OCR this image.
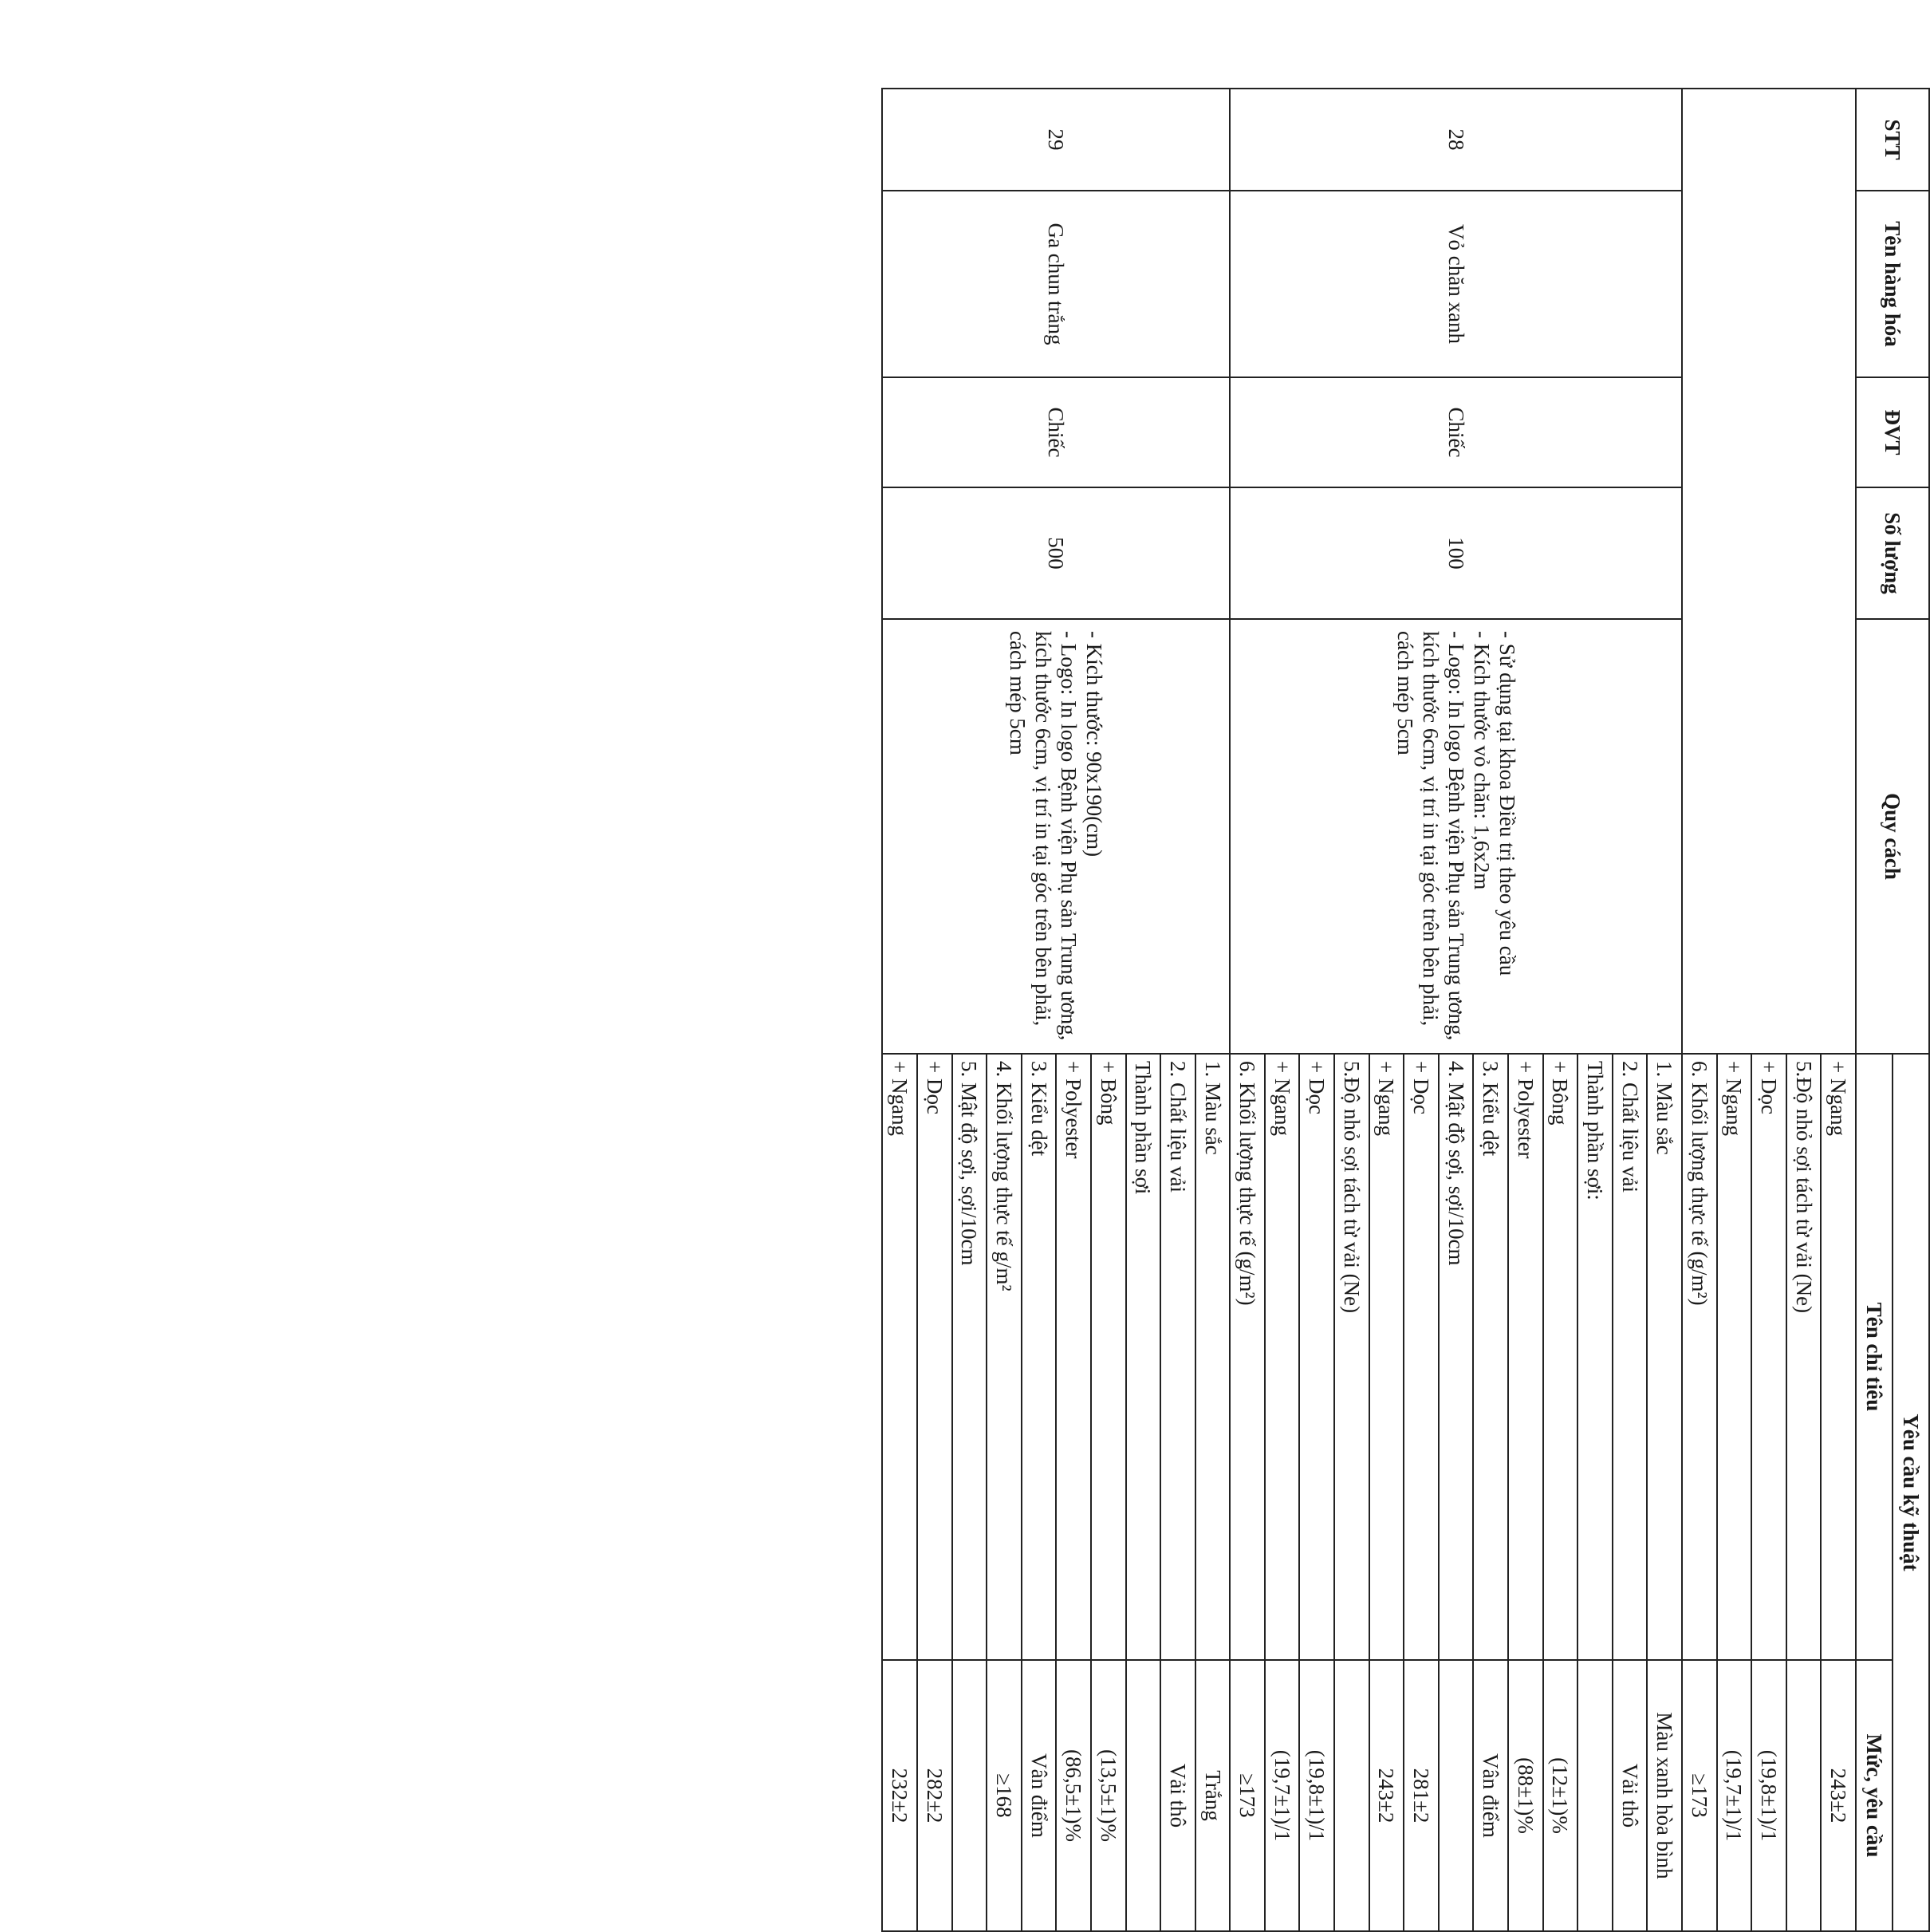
STT	Tên hàng hóa	ĐVT	Số lượng	Quy cách	Yêu cầu kỹ thuật	
					Tên chỉ tiêu	Mức, yêu cầu
					+ Ngang	243±2
					5.Độ nhỏ sợi tách từ vải (Ne)	
					+ Dọc	(19,8±1)/1
					+ Ngang	(19,7±1)/1
					6. Khối lượng thực tế (g/m²)	≥173
28	Vỏ chăn xanh	Chiếc	100	- Sử dụng tại khoa Điều trị theo yêu cầu
- Kích thước vỏ chăn: 1,6x2m
- Logo: In logo Bệnh viện Phụ sản Trung ương, kích thước 6cm, vị trí in tại góc trên bên phải, cách mép 5cm	1. Màu sắc	Màu xanh hòa bình
					2. Chất liệu vải	Vải thô
					Thành phần sợi:	
					+ Bông	(12±1)%
					+ Polyester	(88±1)%
					3. Kiểu dệt	Vân điểm
					4. Mật độ sợi, sợi/10cm	
					+ Dọc	281±2
					+ Ngang	243±2
					5.Độ nhỏ sợi tách từ vải (Ne)	
					+ Dọc	(19,8±1)/1
					+ Ngang	(19,7±1)/1
					6. Khối lượng thực tế (g/m²)	≥173
29	Ga chun trắng	Chiếc	500	- Kích thước: 90x190(cm)
- Logo: In logo Bệnh viện Phụ sản Trung ương, kích thước 6cm, vị trí in tại góc trên bên phải, cách mép 5cm	1. Màu sắc	Trắng
					2. Chất liệu vải	Vải thô
					Thành phần sợi	
					+ Bông	(13,5±1)%
					+ Polyester	(86,5±1)%
					3. Kiểu dệt	Vân điểm
					4. Khối lượng thực tế g/m²	≥168
					5. Mật độ sợi, sợi/10cm	
					+ Dọc	282±2
					+ Ngang	232±2
